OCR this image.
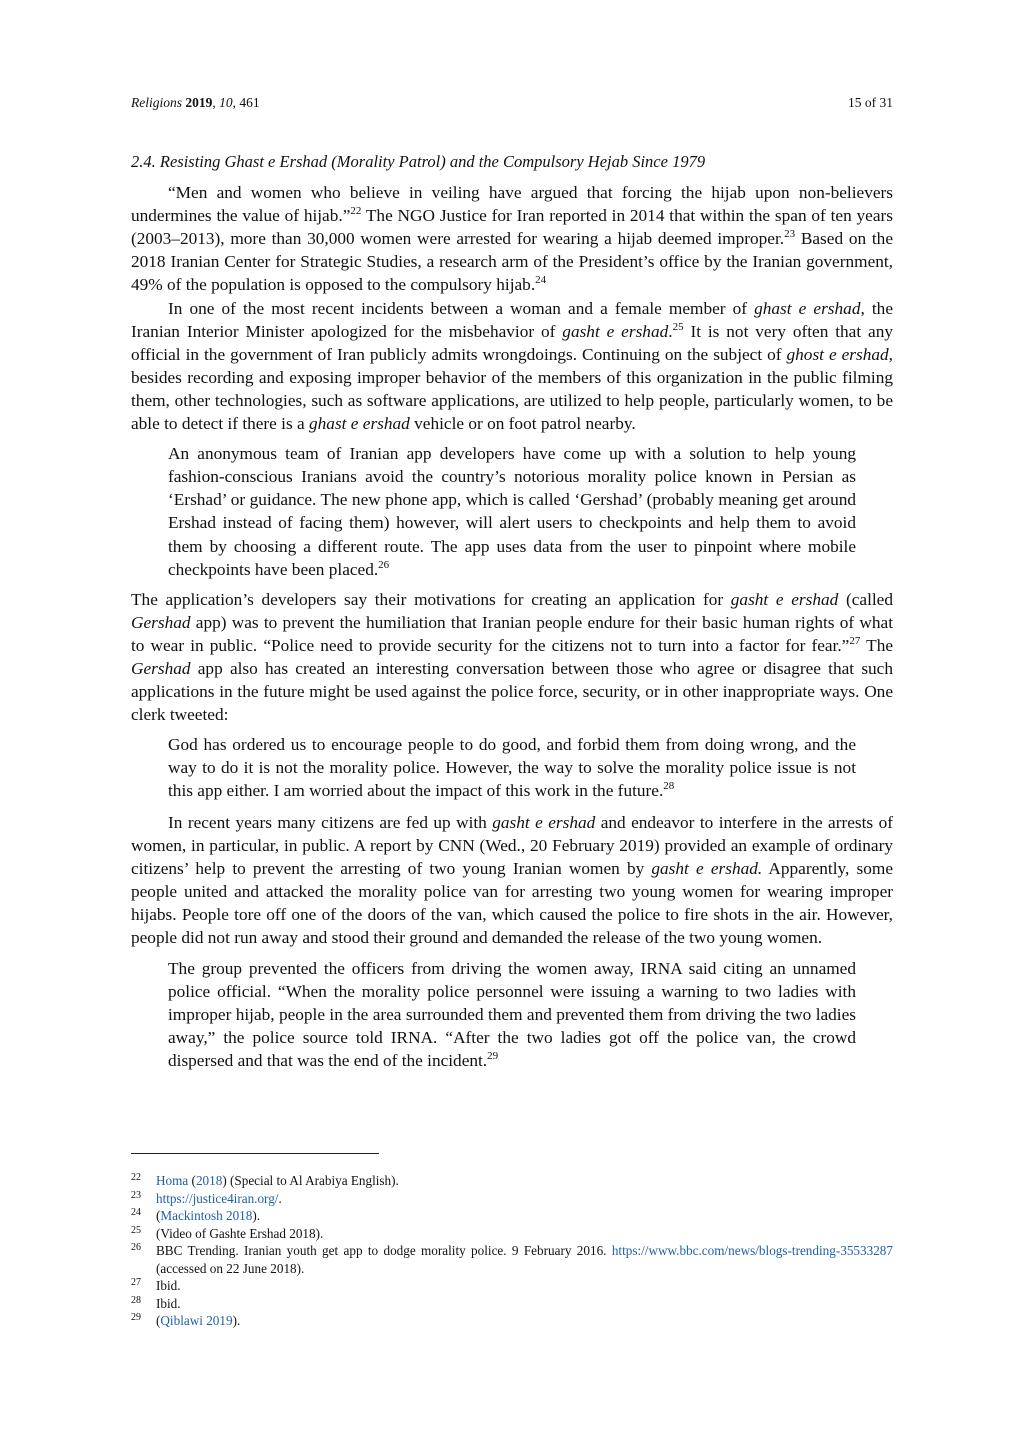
Religions 2019, 10, 461	15 of 31

2.4. Resisting Ghast e Ershad (Morality Patrol) and the Compulsory Hejab Since 1979

“Men and women who believe in veiling have argued that forcing the hijab upon non-believers undermines the value of hijab.”$^{22}$ The NGO Justice for Iran reported in 2014 that within the span of ten years (2003–2013), more than 30,000 women were arrested for wearing a hijab deemed improper.$^{23}$ Based on the 2018 Iranian Center for Strategic Studies, a research arm of the President’s office by the Iranian government, 49% of the population is opposed to the compulsory hijab.$^{24}$

In one of the most recent incidents between a woman and a female member of ghast e ershad, the Iranian Interior Minister apologized for the misbehavior of gasht e ershad.$^{25}$ It is not very often that any official in the government of Iran publicly admits wrongdoings. Continuing on the subject of ghost e ershad, besides recording and exposing improper behavior of the members of this organization in the public filming them, other technologies, such as software applications, are utilized to help people, particularly women, to be able to detect if there is a ghast e ershad vehicle or on foot patrol nearby.

An anonymous team of Iranian app developers have come up with a solution to help young fashion-conscious Iranians avoid the country’s notorious morality police known in Persian as ‘Ershad’ or guidance. The new phone app, which is called ‘Gershad’ (probably meaning get around Ershad instead of facing them) however, will alert users to checkpoints and help them to avoid them by choosing a different route. The app uses data from the user to pinpoint where mobile checkpoints have been placed.$^{26}$

The application’s developers say their motivations for creating an application for gasht e ershad (called Gershad app) was to prevent the humiliation that Iranian people endure for their basic human rights of what to wear in public. “Police need to provide security for the citizens not to turn into a factor for fear.”$^{27}$ The Gershad app also has created an interesting conversation between those who agree or disagree that such applications in the future might be used against the police force, security, or in other inappropriate ways. One clerk tweeted:

God has ordered us to encourage people to do good, and forbid them from doing wrong, and the way to do it is not the morality police. However, the way to solve the morality police issue is not this app either. I am worried about the impact of this work in the future.$^{28}$

In recent years many citizens are fed up with gasht e ershad and endeavor to interfere in the arrests of women, in particular, in public. A report by CNN (Wed., 20 February 2019) provided an example of ordinary citizens’ help to prevent the arresting of two young Iranian women by gasht e ershad. Apparently, some people united and attacked the morality police van for arresting two young women for wearing improper hijabs. People tore off one of the doors of the van, which caused the police to fire shots in the air. However, people did not run away and stood their ground and demanded the release of the two young women.

The group prevented the officers from driving the women away, IRNA said citing an unnamed police official. “When the morality police personnel were issuing a warning to two ladies with improper hijab, people in the area surrounded them and prevented them from driving the two ladies away,” the police source told IRNA. “After the two ladies got off the police van, the crowd dispersed and that was the end of the incident.$^{29}$

22 Homa (2018) (Special to Al Arabiya English).
23 https://justice4iran.org/.
24 (Mackintosh 2018).
25 (Video of Gashte Ershad 2018).
26 BBC Trending. Iranian youth get app to dodge morality police. 9 February 2016. https://www.bbc.com/news/blogs-trending-35533287 (accessed on 22 June 2018).
27 Ibid.
28 Ibid.
29 (Qiblawi 2019).
